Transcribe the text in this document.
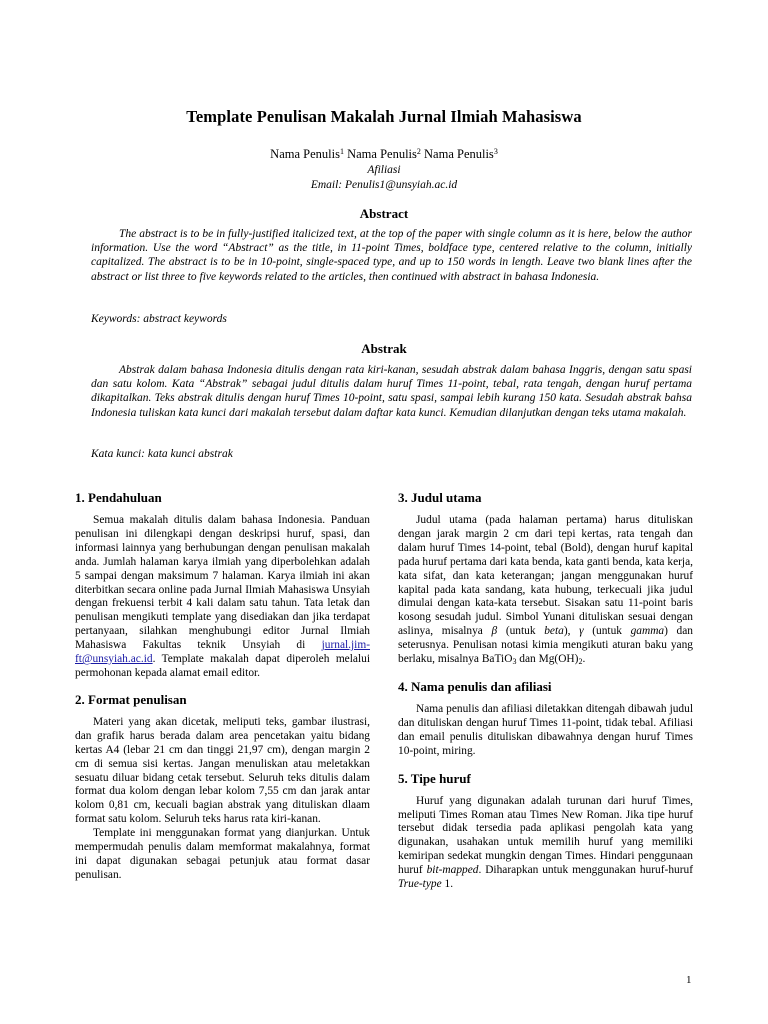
Template Penulisan Makalah Jurnal Ilmiah Mahasiswa
Nama Penulis$^1$ Nama Penulis$^2$ Nama Penulis$^3$
Afiliasi
Email: Penulis1@unsyiah.ac.id
Abstract

The abstract is to be in fully-justified italicized text, at the top of the paper with single column as it is here, below the author information. Use the word “Abstract” as the title, in 11-point Times, boldface type, centered relative to the column, initially capitalized. The abstract is to be in 10-point, single-spaced type, and up to 150 words in length. Leave two blank lines after the abstract or list three to five keywords related to the articles, then continued with abstract in bahasa Indonesia.

Keywords: abstract keywords
Abstrak

Abstrak dalam bahasa Indonesia ditulis dengan rata kiri-kanan, sesudah abstrak dalam bahasa Inggris, dengan satu spasi dan satu kolom. Kata “Abstrak” sebagai judul ditulis dalam huruf Times 11-point, tebal, rata tengah, dengan huruf pertama dikapitalkan. Teks abstrak ditulis dengan huruf Times 10-point, satu spasi, sampai lebih kurang 150 kata. Sesudah abstrak bahsa Indonesia tuliskan kata kunci dari makalah tersebut dalam daftar kata kunci. Kemudian dilanjutkan dengan teks utama makalah.

Kata kunci: kata kunci abstrak
1. Pendahuluan

Semua makalah ditulis dalam bahasa Indonesia. Panduan penulisan ini dilengkapi dengan deskripsi huruf, spasi, dan informasi lainnya yang berhubungan dengan penulisan makalah anda. Jumlah halaman karya ilmiah yang diperbolehkan adalah 5 sampai dengan maksimum 7 halaman. Karya ilmiah ini akan diterbitkan secara online pada Jurnal Ilmiah Mahasiswa Unsyiah dengan frekuensi terbit 4 kali dalam satu tahun. Tata letak dan penulisan mengikuti template yang disediakan dan jika terdapat pertanyaan, silahkan menghubungi editor Jurnal Ilmiah Mahasiswa Fakultas teknik Unsyiah di jurnal.jim-ft@unsyiah.ac.id. Template makalah dapat diperoleh melalui permohonan kepada alamat email editor.

2. Format penulisan

Materi yang akan dicetak, meliputi teks, gambar ilustrasi, dan grafik harus berada dalam area pencetakan yaitu bidang kertas A4 (lebar 21 cm dan tinggi 21,97 cm), dengan margin 2 cm di semua sisi kertas. Jangan menuliskan atau meletakkan sesuatu diluar bidang cetak tersebut. Seluruh teks ditulis dalam format dua kolom dengan lebar kolom 7,55 cm dan jarak antar kolom 0,81 cm, kecuali bagian abstrak yang dituliskan dlaam format satu kolom. Seluruh teks harus rata kiri-kanan.

Template ini menggunakan format yang dianjurkan. Untuk mempermudah penulis dalam memformat makalahnya, format ini dapat digunakan sebagai petunjuk atau format dasar penulisan.

3. Judul utama

Judul utama (pada halaman pertama) harus dituliskan dengan jarak margin 2 cm dari tepi kertas, rata tengah dan dalam huruf Times 14-point, tebal (Bold), dengan huruf kapital pada huruf pertama dari kata benda, kata ganti benda, kata kerja, kata sifat, dan kata keterangan; jangan menggunakan huruf kapital pada kata sandang, kata hubung, terkecuali jika judul dimulai dengan kata-kata tersebut. Sisakan satu 11-point baris kosong sesudah judul. Simbol Yunani dituliskan sesuai dengan aslinya, misalnya β (untuk beta), γ (untuk gamma) dan seterusnya. Penulisan notasi kimia mengikuti aturan baku yang berlaku, misalnya BaTiO$_3$ dan $Mg(OH)_2$.

4. Nama penulis dan afiliasi

Nama penulis dan afiliasi diletakkan ditengah dibawah judul dan dituliskan dengan huruf Times 11-point, tidak tebal. Afiliasi dan email penulis dituliskan dibawahnya dengan huruf Times 10-point, miring.

5. Tipe huruf

Huruf yang digunakan adalah turunan dari huruf Times, meliputi Times Roman atau Times New Roman. Jika tipe huruf tersebut didak tersedia pada aplikasi pengolah kata yang digunakan, usahakan untuk memilih huruf yang memiliki kemiripan sedekat mungkin dengan Times. Hindari penggunaan huruf bit-mapped. Diharapkan untuk menggunakan huruf-huruf True-type 1.

1
